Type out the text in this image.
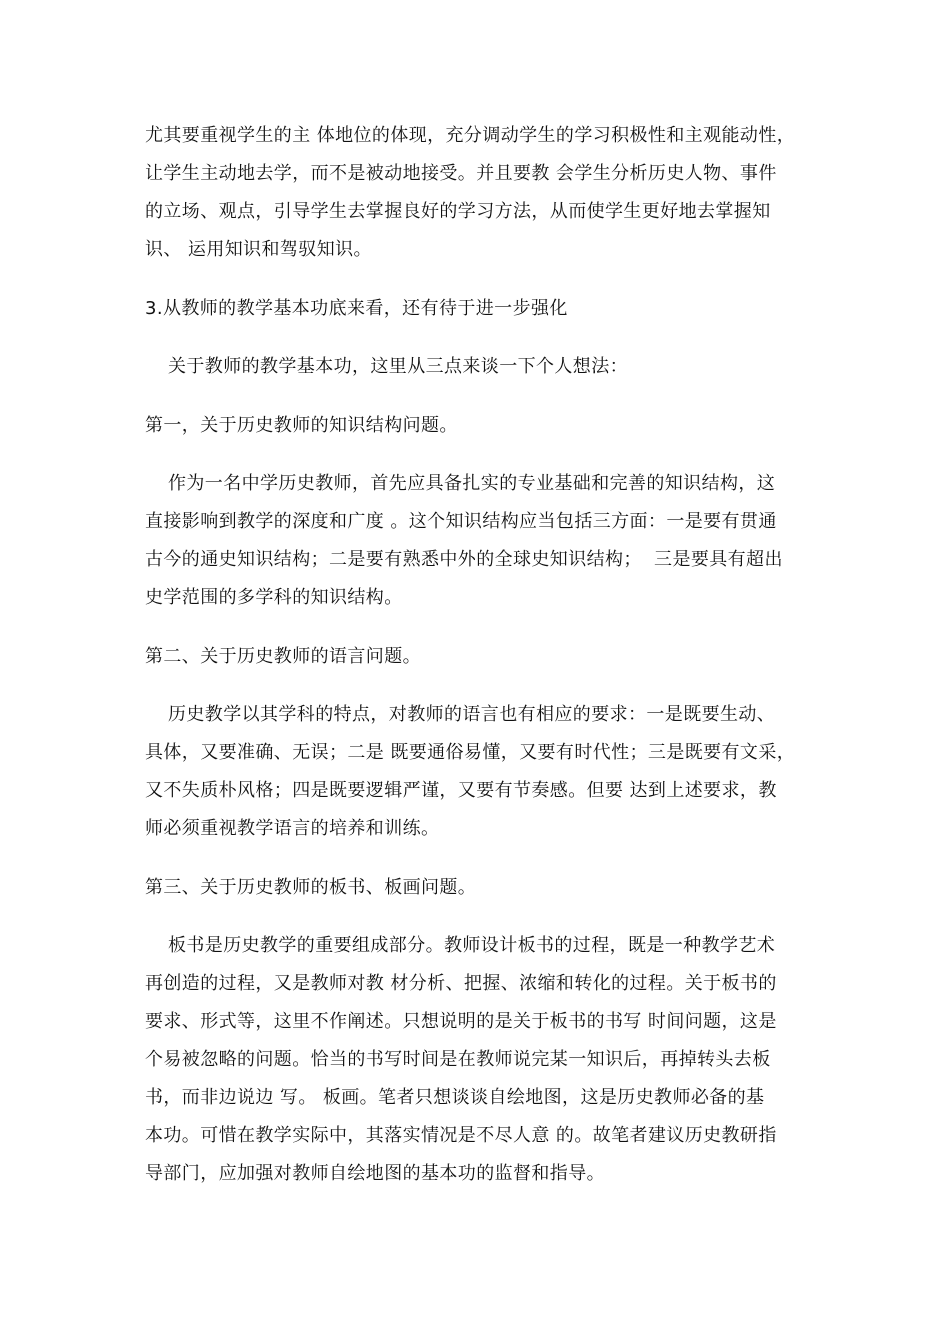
尤其要重视学生的主 体地位的体现，充分调动学生的学习积极性和主观能动性，
让学生主动地去学，而不是被动地接受。并且要教 会学生分析历史人物、事件
的立场、观点，引导学生去掌握良好的学习方法，从而使学生更好地去掌握知
识、 运用知识和驾驭知识。
3.从教师的教学基本功底来看，还有待于进一步强化
关于教师的教学基本功，这里从三点来谈一下个人想法：
第一，关于历史教师的知识结构问题。
作为一名中学历史教师，首先应具备扎实的专业基础和完善的知识结构，这
直接影响到教学的深度和广度 。这个知识结构应当包括三方面：一是要有贯通
古今的通史知识结构；二是要有熟悉中外的全球史知识结构；  三是要具有超出
史学范围的多学科的知识结构。
第二、关于历史教师的语言问题。
历史教学以其学科的特点，对教师的语言也有相应的要求：一是既要生动、
具体，又要准确、无误；二是 既要通俗易懂，又要有时代性；三是既要有文采，
又不失质朴风格；四是既要逻辑严谨，又要有节奏感。但要 达到上述要求，教
师必须重视教学语言的培养和训练。
第三、关于历史教师的板书、板画问题。
板书是历史教学的重要组成部分。教师设计板书的过程，既是一种教学艺术
再创造的过程，又是教师对教 材分析、把握、浓缩和转化的过程。关于板书的
要求、形式等，这里不作阐述。只想说明的是关于板书的书写 时间问题，这是
个易被忽略的问题。恰当的书写时间是在教师说完某一知识后，再掉转头去板
书，而非边说边 写。 板画。笔者只想谈谈自绘地图，这是历史教师必备的基
本功。可惜在教学实际中，其落实情况是不尽人意 的。故笔者建议历史教研指
导部门，应加强对教师自绘地图的基本功的监督和指导。
